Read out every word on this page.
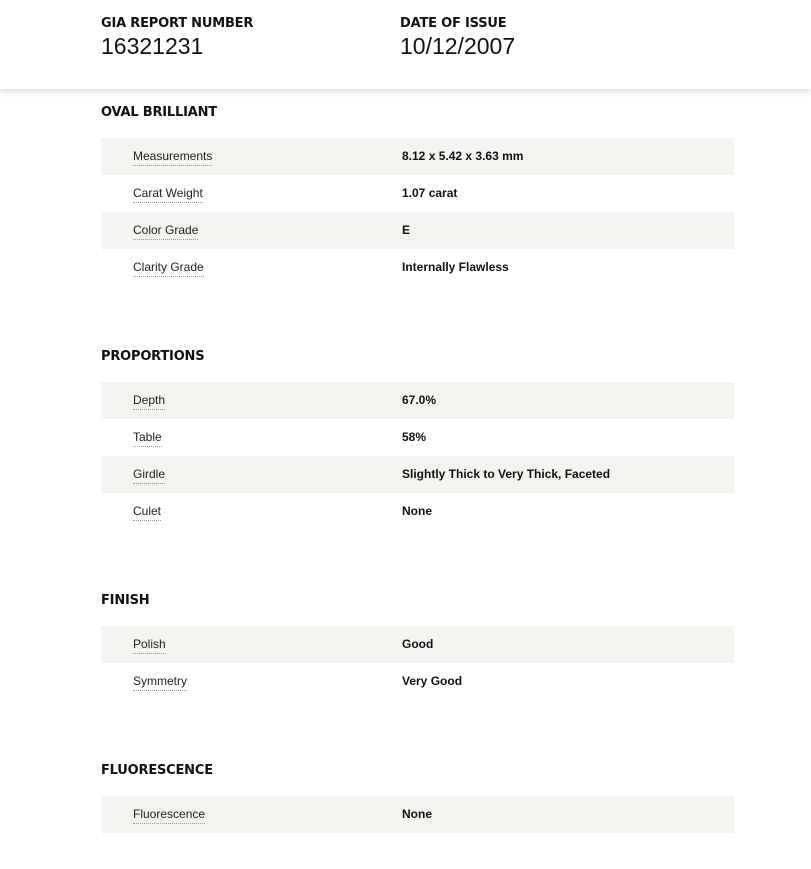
GIA REPORT NUMBER
16321231
DATE OF ISSUE
10/12/2007
OVAL BRILLIANT
Measurements	8.12 x 5.42 x 3.63 mm
Carat Weight	1.07 carat
Color Grade	E
Clarity Grade	Internally Flawless
PROPORTIONS
Depth	67.0%
Table	58%
Girdle	Slightly Thick to Very Thick, Faceted
Culet	None
FINISH
Polish	Good
Symmetry	Very Good
FLUORESCENCE
Fluorescence	None
